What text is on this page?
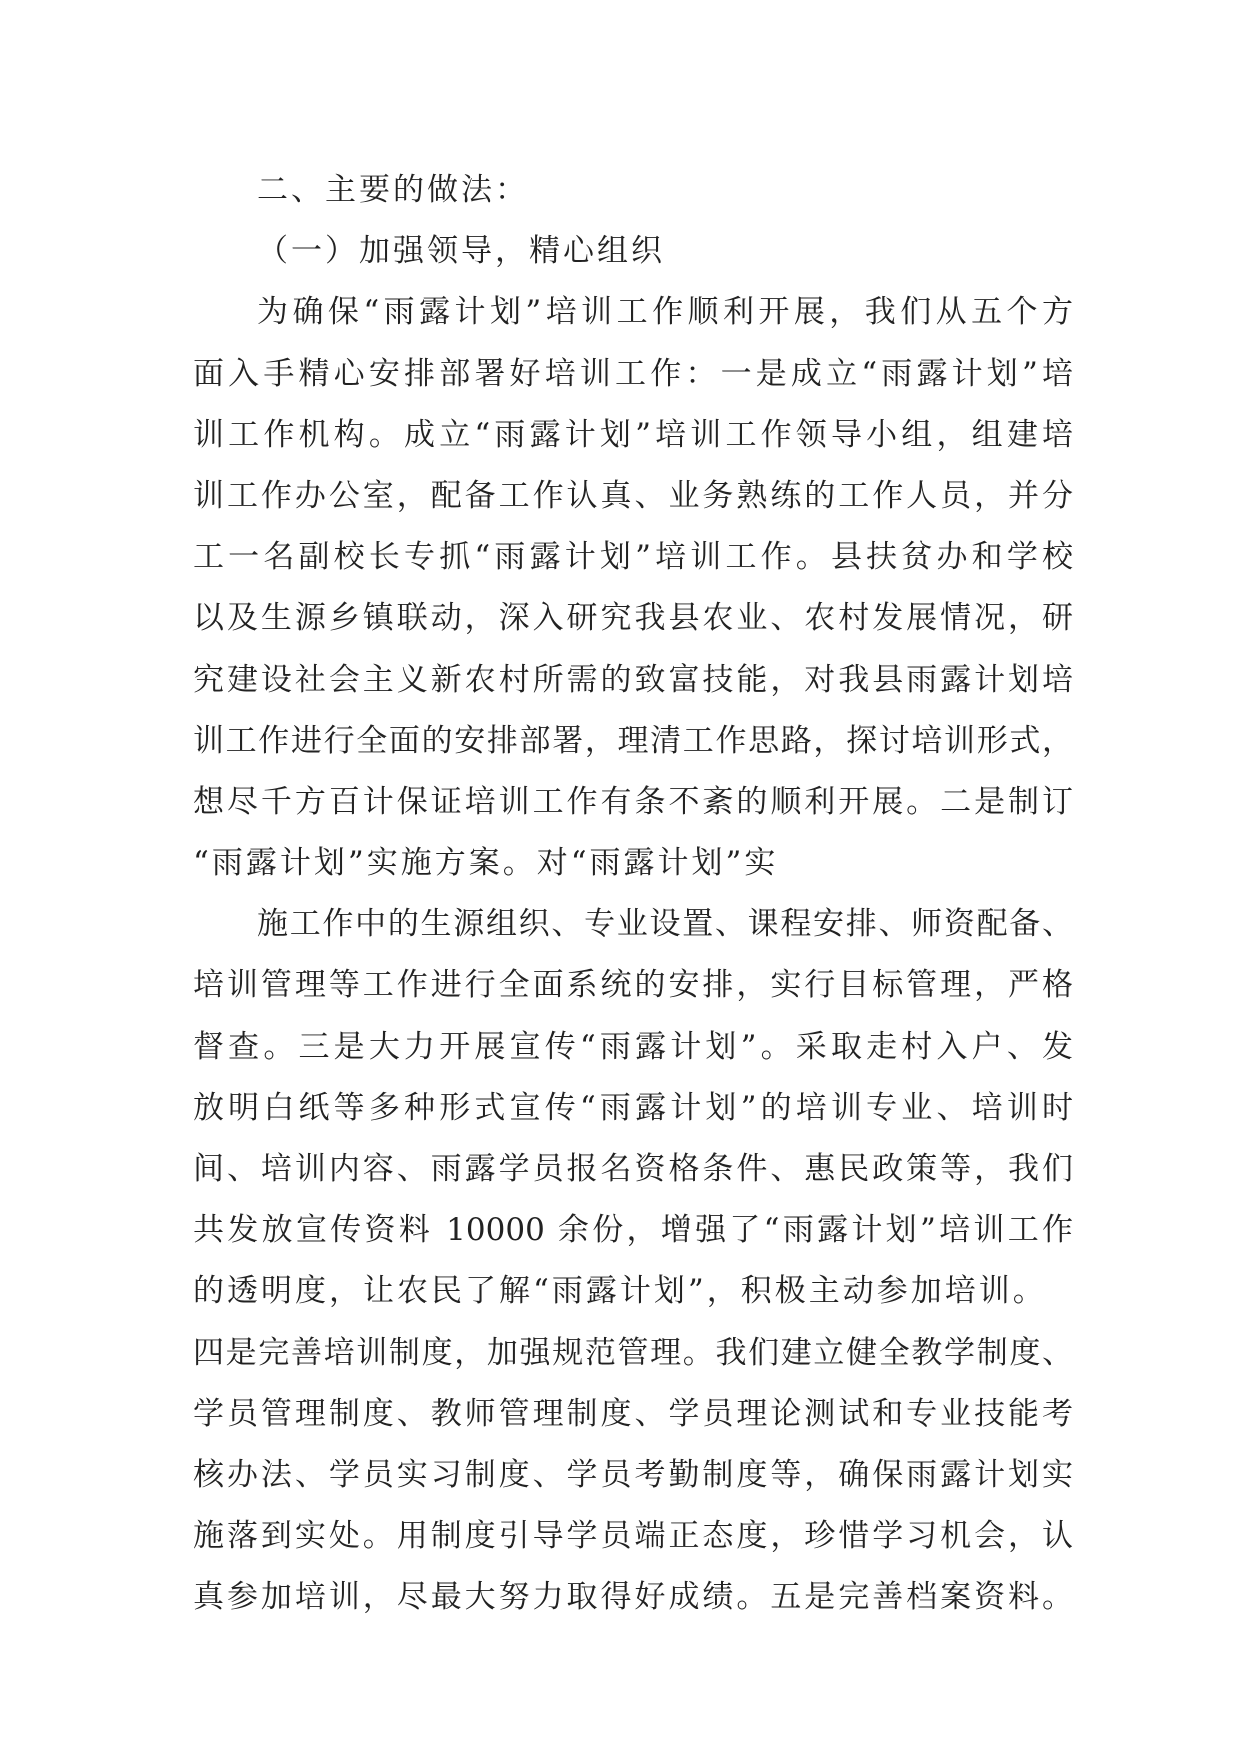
二、主要的做法：
（一）加强领导，精心组织
为确保“雨露计划”培训工作顺利开展，我们从五个方
面入手精心安排部署好培训工作：一是成立“雨露计划”培
训工作机构。成立“雨露计划”培训工作领导小组，组建培
训工作办公室，配备工作认真、业务熟练的工作人员，并分
工一名副校长专抓“雨露计划”培训工作。县扶贫办和学校
以及生源乡镇联动，深入研究我县农业、农村发展情况，研
究建设社会主义新农村所需的致富技能，对我县雨露计划培
训工作进行全面的安排部署，理清工作思路，探讨培训形式，
想尽千方百计保证培训工作有条不紊的顺利开展。二是制订
“雨露计划”实施方案。对“雨露计划”实
施工作中的生源组织、专业设置、课程安排、师资配备、
培训管理等工作进行全面系统的安排，实行目标管理，严格
督查。三是大力开展宣传“雨露计划”。采取走村入户、发
放明白纸等多种形式宣传“雨露计划”的培训专业、培训时
间、培训内容、雨露学员报名资格条件、惠民政策等，我们
共发放宣传资料 10000 余份，增强了“雨露计划”培训工作
的透明度，让农民了解“雨露计划”，积极主动参加培训。
四是完善培训制度，加强规范管理。我们建立健全教学制度、
学员管理制度、教师管理制度、学员理论测试和专业技能考
核办法、学员实习制度、学员考勤制度等，确保雨露计划实
施落到实处。用制度引导学员端正态度，珍惜学习机会，认
真参加培训，尽最大努力取得好成绩。五是完善档案资料。
